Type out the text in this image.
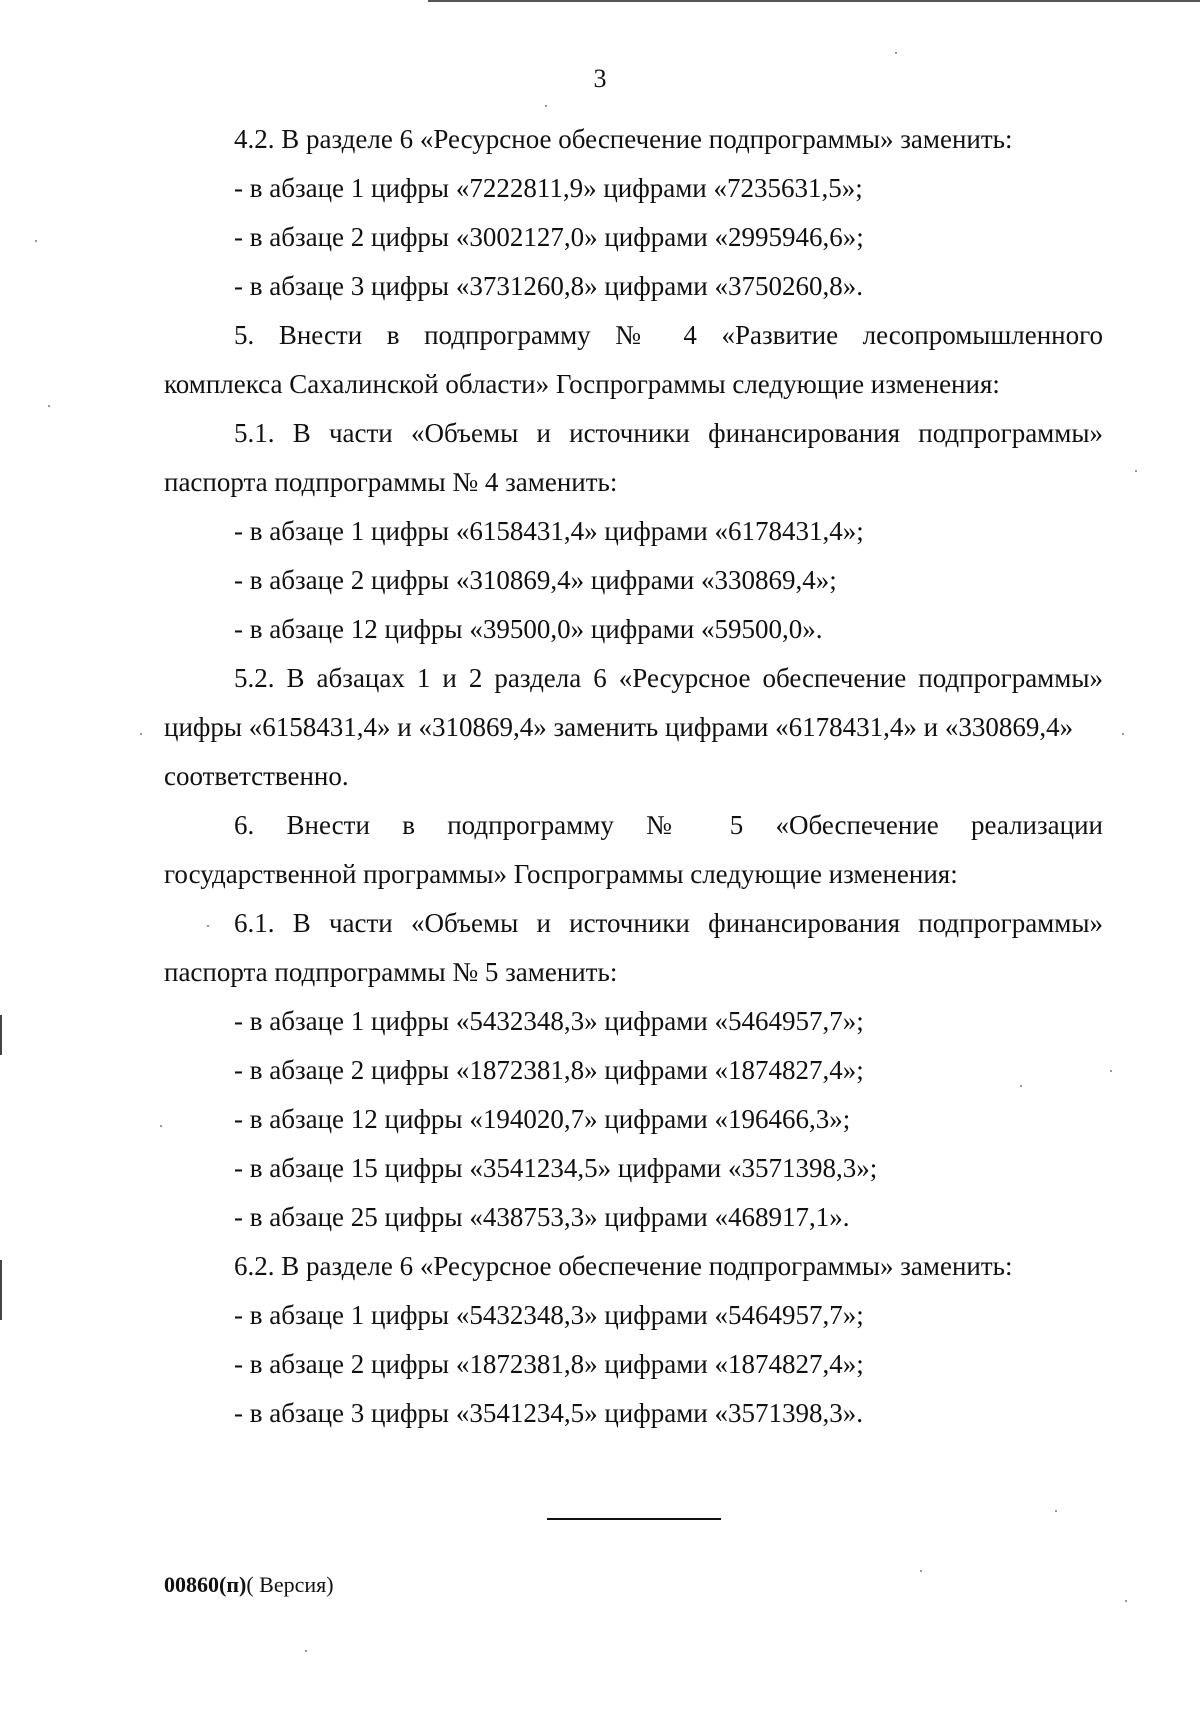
3
4.2. В разделе 6 «Ресурсное обеспечение подпрограммы» заменить:
- в абзаце 1 цифры «7222811,9» цифрами «7235631,5»;
- в абзаце 2 цифры «3002127,0» цифрами «2995946,6»;
- в абзаце 3 цифры «3731260,8» цифрами «3750260,8».
5. Внести в подпрограмму № 4 «Развитие лесопромышленного
комплекса Сахалинской области» Госпрограммы следующие изменения:
5.1. В части «Объемы и источники финансирования подпрограммы»
паспорта подпрограммы № 4 заменить:
- в абзаце 1 цифры «6158431,4» цифрами «6178431,4»;
- в абзаце 2 цифры «310869,4» цифрами «330869,4»;
- в абзаце 12 цифры «39500,0» цифрами «59500,0».
5.2. В абзацах 1 и 2 раздела 6 «Ресурсное обеспечение подпрограммы»
цифры «6158431,4» и «310869,4» заменить цифрами «6178431,4» и «330869,4»
соответственно.
6. Внести в подпрограмму № 5 «Обеспечение реализации
государственной программы» Госпрограммы следующие изменения:
6.1. В части «Объемы и источники финансирования подпрограммы»
паспорта подпрограммы № 5 заменить:
- в абзаце 1 цифры «5432348,3» цифрами «5464957,7»;
- в абзаце 2 цифры «1872381,8» цифрами «1874827,4»;
- в абзаце 12 цифры «194020,7» цифрами «196466,3»;
- в абзаце 15 цифры «3541234,5» цифрами «3571398,3»;
- в абзаце 25 цифры «438753,3» цифрами «468917,1».
6.2. В разделе 6 «Ресурсное обеспечение подпрограммы» заменить:
- в абзаце 1 цифры «5432348,3» цифрами «5464957,7»;
- в абзаце 2 цифры «1872381,8» цифрами «1874827,4»;
- в абзаце 3 цифры «3541234,5» цифрами «3571398,3».
00860(п)( Версия)
